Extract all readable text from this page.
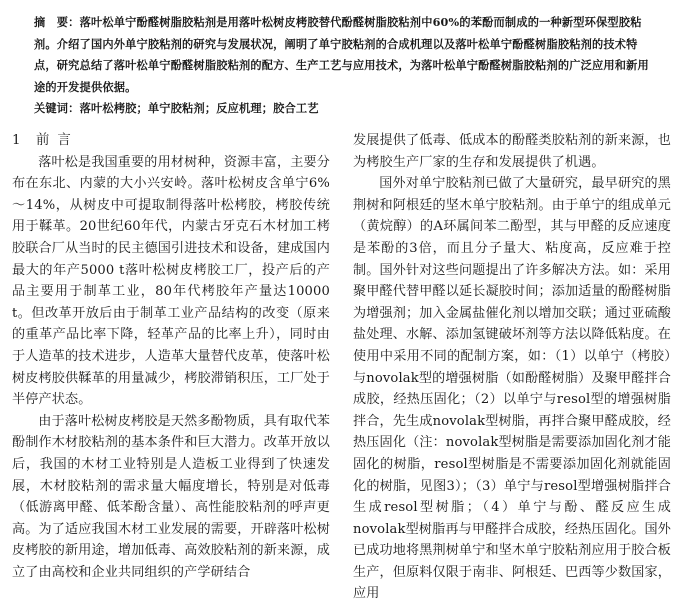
摘　要：落叶松单宁酚醛树脂胶粘剂是用落叶松树皮栲胶替代酚醛树脂胶粘剂中60%的苯酚而制成的一种新型环保型胶粘剂。介绍了国内外单宁胶粘剂的研究与发展状况，阐明了单宁胶粘剂的合成机理以及落叶松单宁酚醛树脂胶粘剂的技术特点，研究总结了落叶松单宁酚醛树脂胶粘剂的配方、生产工艺与应用技术，为落叶松单宁酚醛树脂胶粘剂的广泛应用和新用途的开发提供依据。

关键词：落叶松栲胶；单宁胶粘剂；反应机理；胶合工艺

1 前言

落叶松是我国重要的用材树种，资源丰富，主要分布在东北、内蒙的大小兴安岭。落叶松树皮含单宁6%～14%，从树皮中可提取制得落叶松栲胶，栲胶传统用于鞣革。20世纪60年代，内蒙古牙克石木材加工栲胶联合厂从当时的民主德国引进技术和设备，建成国内最大的年产5000 t落叶松树皮栲胶工厂，投产后的产品主要用于制革工业，80年代栲胶年产量达10000 t。但改革开放后由于制革工业产品结构的改变（原来的重革产品比率下降，轻革产品的比率上升），同时由于人造革的技术进步，人造革大量替代皮革，使落叶松树皮栲胶供鞣革的用量减少，栲胶滞销积压，工厂处于半停产状态。

由于落叶松树皮栲胶是天然多酚物质，具有取代苯酚制作木材胶粘剂的基本条件和巨大潜力。改革开放以后，我国的木材工业特别是人造板工业得到了快速发展，木材胶粘剂的需求量大幅度增长，特别是对低毒（低游离甲醛、低苯酚含量）、高性能胶粘剂的呼声更高。为了适应我国木材工业发展的需要，开辟落叶松树皮栲胶的新用途，增加低毒、高效胶粘剂的新来源，成立了由高校和企业共同组织的产学研结合

发展提供了低毒、低成本的酚醛类胶粘剂的新来源，也为栲胶生产厂家的生存和发展提供了机遇。

国外对单宁胶粘剂已做了大量研究，最早研究的黑荆树和阿根廷的坚木单宁胶粘剂。由于单宁的组成单元（黄烷醇）的A环属间苯二酚型，其与甲醛的反应速度是苯酚的3倍，而且分子量大、粘度高，反应难于控制。国外针对这些问题提出了许多解决方法。如：采用聚甲醛代替甲醛以延长凝胶时间；添加适量的酚醛树脂为增强剂；加入金属盐催化剂以增加交联；通过亚硫酸盐处理、水解、添加氢键破坏剂等方法以降低粘度。在使用中采用不同的配制方案，如：（1）以单宁（栲胶）与novolak型的增强树脂（如酚醛树脂）及聚甲醛拌合成胶，经热压固化；（2）以单宁与resol型的增强树脂拌合，先生成novolak型树脂，再拌合聚甲醛成胶，经热压固化（注：novolak型树脂是需要添加固化剂才能固化的树脂，resol型树脂是不需要添加固化剂就能固化的树脂，见图3）；（3）单宁与resol型增强树脂拌合生成resol型树脂；（4）单宁与酚、醛反应生成novolak型树脂再与甲醛拌合成胶，经热压固化。国外已成功地将黑荆树单宁和坚木单宁胶粘剂应用于胶合板生产，但原料仅限于南非、阿根廷、巴西等少数国家，应用
